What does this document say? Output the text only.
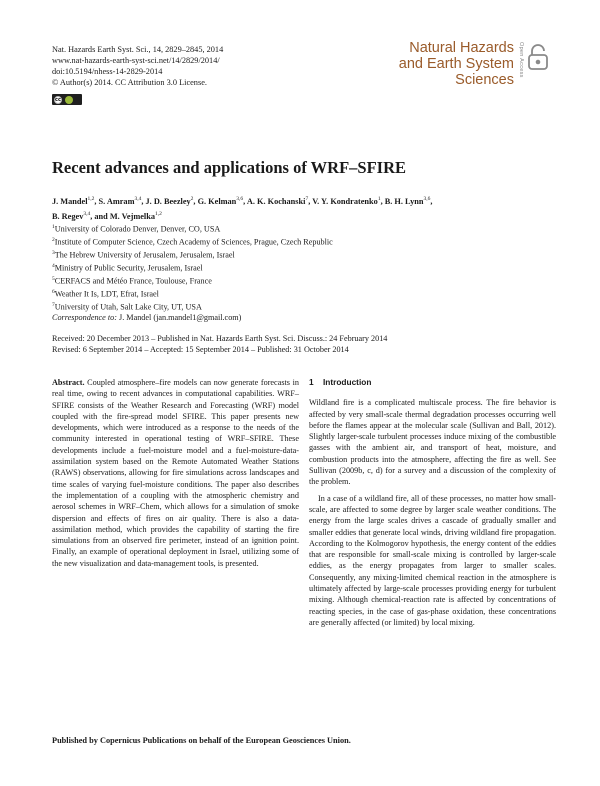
Nat. Hazards Earth Syst. Sci., 14, 2829–2845, 2014
www.nat-hazards-earth-syst-sci.net/14/2829/2014/
doi:10.5194/nhess-14-2829-2014
© Author(s) 2014. CC Attribution 3.0 License.
cc
Natural Hazards
and Earth System
Sciences
Open Access
Recent advances and applications of WRF–SFIRE
J. Mandel$^{1,2}$, S. Amram$^{3,4}$, J. D. Beezley$^2$, G. Kelman$^{3,6}$, A. K. Kochanski$^7$, V. Y. Kondratenko$^1$, B. H. Lynn$^{3,6}$,
B. Regev$^{3,4}$, and M. Vejmelka$^{1,2}$
$^1$University of Colorado Denver, Denver, CO, USA
$^2$Institute of Computer Science, Czech Academy of Sciences, Prague, Czech Republic
$^3$The Hebrew University of Jerusalem, Jerusalem, Israel
$^4$Ministry of Public Security, Jerusalem, Israel
$^5$CERFACS and Météo France, Toulouse, France
$^6$Weather It Is, LDT, Efrat, Israel
$^7$University of Utah, Salt Lake City, UT, USA
Correspondence to: J. Mandel (jan.mandel1@gmail.com)
Received: 20 December 2013 – Published in Nat. Hazards Earth Syst. Sci. Discuss.: 24 February 2014
Revised: 6 September 2014 – Accepted: 15 September 2014 – Published: 31 October 2014
Abstract. Coupled atmosphere–fire models can now generate forecasts in real time, owing to recent advances in computational capabilities. WRF–SFIRE consists of the Weather Research and Forecasting (WRF) model coupled with the fire-spread model SFIRE. This paper presents new developments, which were introduced as a response to the needs of the community interested in operational testing of WRF–SFIRE. These developments include a fuel-moisture model and a fuel-moisture-data-assimilation system based on the Remote Automated Weather Stations (RAWS) observations, allowing for fire simulations across landscapes and time scales of varying fuel-moisture conditions. The paper also describes the implementation of a coupling with the atmospheric chemistry and aerosol schemes in WRF–Chem, which allows for a simulation of smoke dispersion and effects of fires on air quality. There is also a data-assimilation method, which provides the capability of starting the fire simulations from an observed fire perimeter, instead of an ignition point. Finally, an example of operational deployment in Israel, utilizing some of the new visualization and data-management tools, is presented.
1 Introduction

Wildland fire is a complicated multiscale process. The fire behavior is affected by very small-scale thermal degradation processes occurring well before the flames appear at the molecular scale (Sullivan and Ball, 2012). Slightly larger-scale turbulent processes induce mixing of the combustible gasses with the ambient air, and transport of heat, moisture, and combustion products into the atmosphere, affecting the fire as well. See Sullivan (2009b, c, d) for a survey and a discussion of the complexity of the problem.

In a case of a wildland fire, all of these processes, no matter how small-scale, are affected to some degree by larger scale weather conditions. The energy from the large scales drives a cascade of gradually smaller and smaller eddies that generate local winds, driving wildland fire propagation. According to the Kolmogorov hypothesis, the energy content of the eddies that are responsible for small-scale mixing is controlled by larger-scale eddies, as the energy propagates from larger to smaller scales. Consequently, any mixing-limited chemical reaction in the atmosphere is ultimately affected by large-scale processes providing energy for turbulent mixing. Although chemical-reaction rate is affected by concentrations of reacting species, in the case of gas-phase oxidation, these concentrations are generally affected (or limited) by local mixing.

Published by Copernicus Publications on behalf of the European Geosciences Union.
